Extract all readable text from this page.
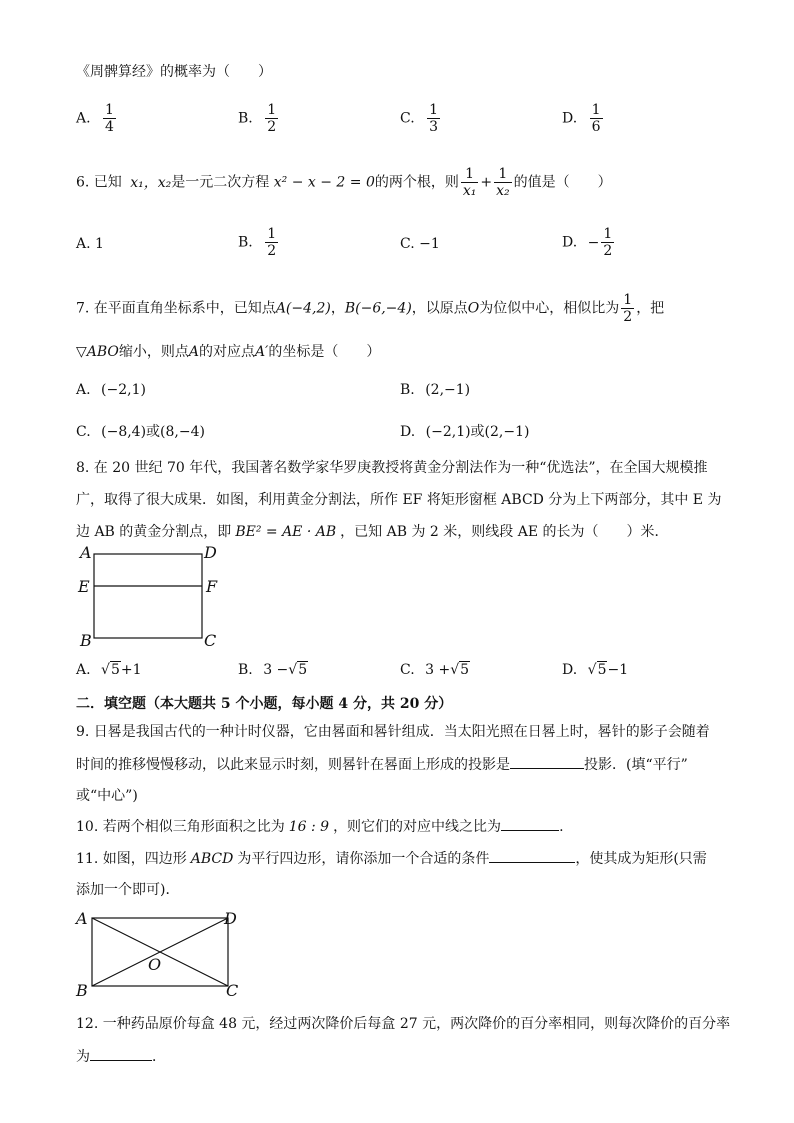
《周髀算经》的概率为（　　）
A. $\frac{1}{4}$	B. $\frac{1}{2}$	C. $\frac{1}{3}$	D. $\frac{1}{6}$
6. 已知 x₁，x₂是一元二次方程 x² − x − 2 = 0的两个根，则 $\frac{1}{\text{x₁}} + \frac{1}{\text{x₂}}$ 的值是（　　）
A. 1	B. $\frac{1}{2}$	C. −1	D. − $\frac{1}{2}$
7. 在平面直角坐标系中，已知点A(−4,2)，B(−6,−4)，以原点O为位似中心，相似比为 $\frac{1}{2}$ ，把
▽ABO缩小，则点A的对应点A′的坐标是（　　）
A. (−2,1)	B. (2,−1)
C. (−8,4)或(8,−4)	D. (−2,1)或(2,−1)
8. 在 20 世纪 70 年代，我国著名数学家华罗庚教授将黄金分割法作为一种“优选法”，在全国大规模推
广，取得了很大成果．如图，利用黄金分割法，所作 EF 将矩形窗框 ABCD 分为上下两部分，其中 E 为
边 AB 的黄金分割点，即 BE² = AE · AB ，已知 AB 为 2 米，则线段 AE 的长为（　　）米．
A	D
E	F
B	C
A. √5+1	B. 3 −√5	C. 3 +√5	D. √5−1
二．填空题（本大题共 5 个小题，每小题 4 分，共 20 分）
9. 日晷是我国古代的一种计时仪器，它由晷面和晷针组成．当太阳光照在日晷上时，晷针的影子会随着
时间的推移慢慢移动，以此来显示时刻，则晷针在晷面上形成的投影是	投影．(填“平行”
或“中心”)
10. 若两个相似三角形面积之比为 16 : 9 ，则它们的对应中线之比为	.
11. 如图，四边形 ABCD 为平行四边形，请你添加一个合适的条件	，使其成为矩形(只需
添加一个即可)．
A	D
O
B	C
12. 一种药品原价每盒 48 元，经过两次降价后每盒 27 元，两次降价的百分率相同，则每次降价的百分率
为	．
